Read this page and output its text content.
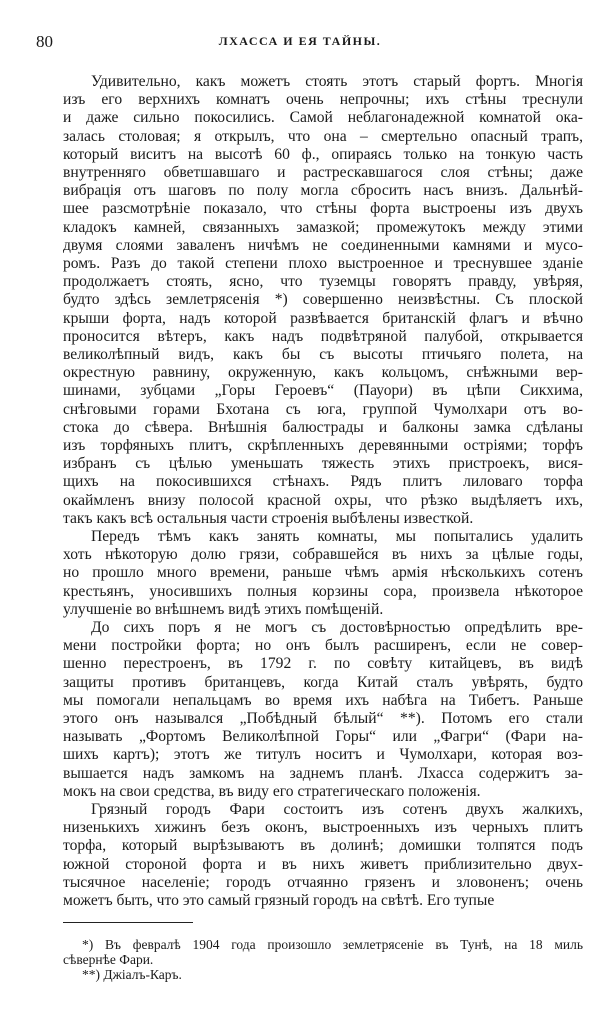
80	ЛХАССА И ЕЯ ТАЙНЫ.
Удивительно, какъ можетъ стоять этотъ старый фортъ. Многія
изъ его верхнихъ комнатъ очень непрочны; ихъ стѣны треснули
и даже сильно покосились. Самой неблагонадежной комнатой ока-
залась столовая; я открылъ, что она – смертельно опасный трапъ,
который виситъ на высотѣ 60 ф., опираясь только на тонкую часть
внутренняго обветшавшаго и растрескавшагося слоя стѣны; даже
вибрація отъ шаговъ по полу могла сбросить насъ внизъ. Дальнѣй-
шее разсмотрѣніе показало, что стѣны форта выстроены изъ двухъ
кладокъ камней, связанныхъ замазкой; промежутокъ между этими
двумя слоями заваленъ ничѣмъ не соединенными камнями и мусо-
ромъ. Разъ до такой степени плохо выстроенное и треснувшее зданіе
продолжаетъ стоять, ясно, что туземцы говорятъ правду, увѣряя,
будто здѣсь землетрясенія *) совершенно неизвѣстны. Съ плоской
крыши форта, надъ которой развѣвается британскій флагъ и вѣчно
проносится вѣтеръ, какъ надъ подвѣтряной палубой, открывается
великолѣпный видъ, какъ бы съ высоты птичьяго полета, на
окрестную равнину, окруженную, какъ кольцомъ, снѣжными вер-
шинами, зубцами „Горы Героевъ“ (Пауори) въ цѣпи Сикхима,
снѣговыми горами Бхотана съ юга, группой Чумолхари отъ во-
стока до сѣвера. Внѣшнія балюстрады и балконы замка сдѣланы
изъ торфяныхъ плитъ, скрѣпленныхъ деревянными остріями; торфъ
избранъ съ цѣлью уменьшать тяжесть этихъ пристроекъ, вися-
щихъ на покосившихся стѣнахъ. Рядъ плитъ лиловаго торфа
окаймленъ внизу полосой красной охры, что рѣзко выдѣляетъ ихъ,
такъ какъ всѣ остальныя части строенія выбѣлены известкой.
Передъ тѣмъ какъ занять комнаты, мы попытались удалить
хоть нѣкоторую долю грязи, собравшейся въ нихъ за цѣлые годы,
но прошло много времени, раньше чѣмъ армія нѣсколькихъ сотенъ
крестьянъ, уносившихъ полныя корзины сора, произвела нѣкоторое
улучшеніе во внѣшнемъ видѣ этихъ помѣщеній.
До сихъ поръ я не могъ съ достовѣрностью опредѣлить вре-
мени постройки форта; но онъ былъ расширенъ, если не совер-
шенно перестроенъ, въ 1792 г. по совѣту китайцевъ, въ видѣ
защиты противъ британцевъ, когда Китай сталъ увѣрять, будто
мы помогали непальцамъ во время ихъ набѣга на Тибетъ. Раньше
этого онъ назывался „Побѣдный бѣлый“ **). Потомъ его стали
называть „Фортомъ Великолѣпной Горы“ или „Фагри“ (Фари на-
шихъ картъ); этотъ же титулъ носитъ и Чумолхари, которая воз-
вышается надъ замкомъ на заднемъ планѣ. Лхасса содержитъ за-
мокъ на свои средства, въ виду его стратегическаго положенія.
Грязный городъ Фари состоитъ изъ сотенъ двухъ жалкихъ,
низенькихъ хижинъ безъ оконъ, выстроенныхъ изъ черныхъ плитъ
торфа, который вырѣзываютъ въ долинѣ; домишки толпятся подъ
южной стороной форта и въ нихъ живетъ приблизительно двух-
тысячное населеніе; городъ отчаянно грязенъ и зловоненъ; очень
можетъ быть, что это самый грязный городъ на свѣтѣ. Его тупые
*) Въ февралѣ 1904 года произошло землетрясеніе въ Тунѣ, на 18 миль
сѣвернѣе Фари.
**) Джіалъ-Каръ.
